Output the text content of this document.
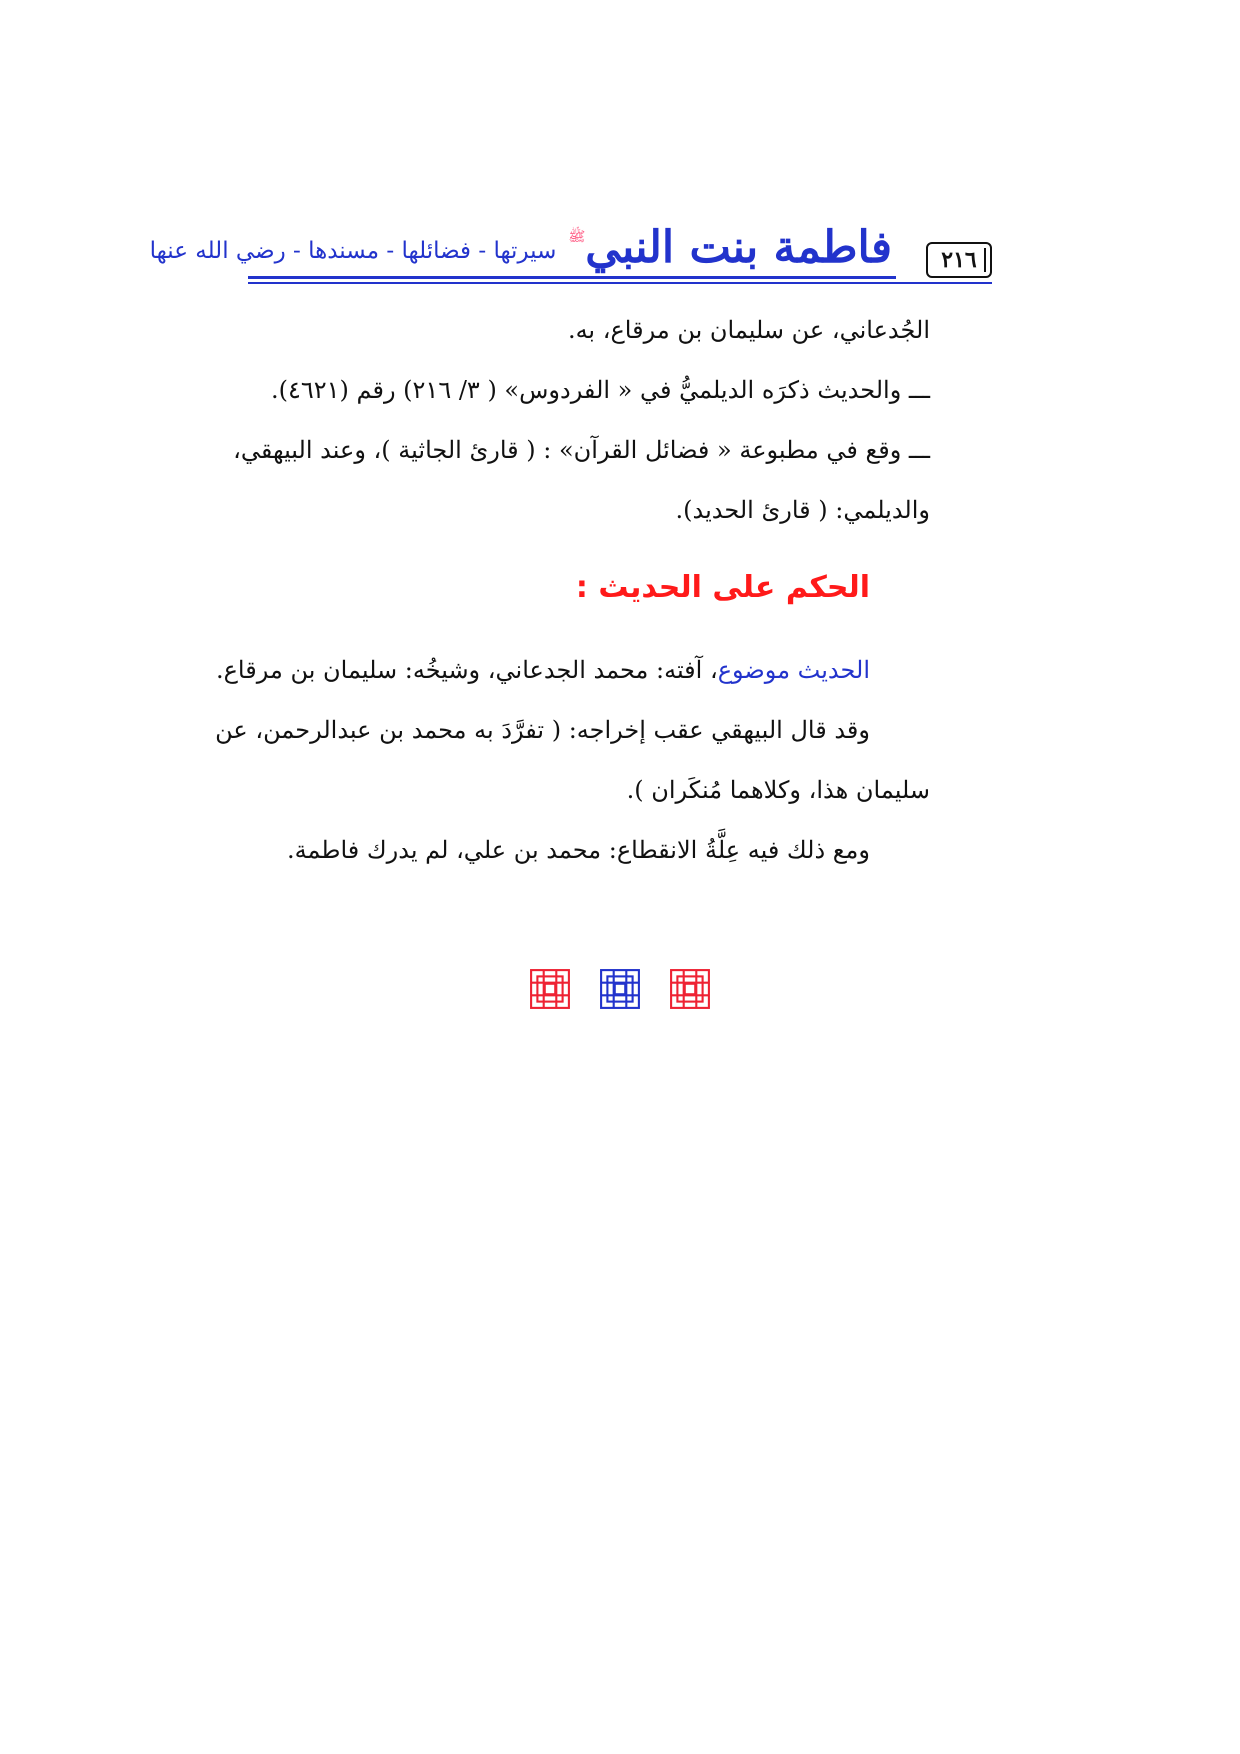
فاطمة بنت النبي
ﷺ
سيرتها - فضائلها - مسندها - رضي الله عنها	٢١٦

الجُدعاني، عن سليمان بن مرقاع، به.

ـــ والحديث ذكرَه الديلميُّ في « الفردوس» ( ٣/ ٢١٦) رقم (٤٦٢١).

ـــ وقع في مطبوعة « فضائل القرآن» : ( قارئ الجاثية )، وعند البيهقي،

والديلمي: ( قارئ الحديد).

الحكم على الحديث :

الحديث موضوع، آفته: محمد الجدعاني، وشيخُه: سليمان بن مرقاع.

وقد قال البيهقي عقب إخراجه: ( تفرَّدَ به محمد بن عبدالرحمن، عن

سليمان هذا، وكلاهما مُنكَران ).

ومع ذلك فيه عِلَّةُ الانقطاع: محمد بن علي، لم يدرك فاطمة.
